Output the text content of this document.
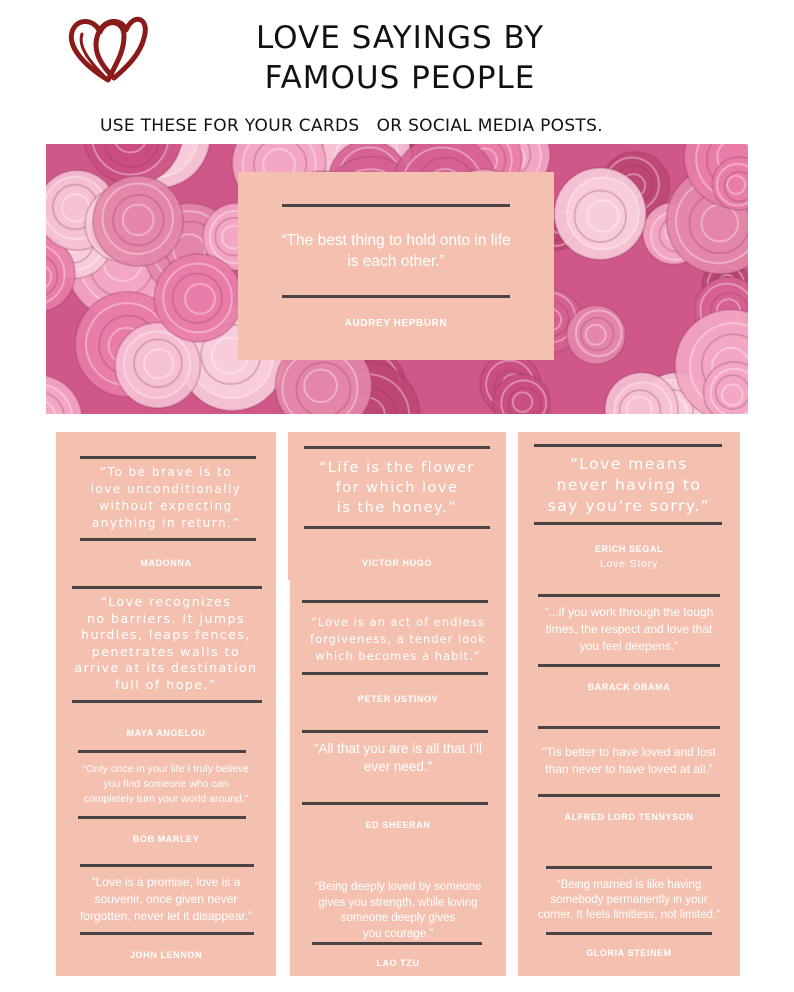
LOVE SAYINGS BY
FAMOUS PEOPLE
USE THESE FOR YOUR CARDS   OR SOCIAL MEDIA POSTS.
“The best thing to hold onto in life
is each other.”
AUDREY HEPBURN
“To be brave is to
love unconditionally
without expecting
anything in return.”
MADONNA
“Life is the flower
for which love
is the honey.”
VICTOR HUGO
“Love means
never having to
say you’re sorry.”
ERICH SEGAL
Love Story
“Love recognizes
no barriers. It jumps
hurdles, leaps fences,
penetrates walls to
arrive at its destination
full of hope.”
MAYA ANGELOU
“Only once in your life I truly believe
you find someone who can
completely turn your world around.”
BOB MARLEY
“Love is an act of endless
forgiveness, a tender look
which becomes a habit.”
PETER USTINOV
“...if you work through the tough
times, the respect and love that
you feel deepens.”
BARACK OBAMA
“All that you are is all that I’ll
ever need.”
ED SHEERAN
“Tis better to have loved and lost
than never to have loved at all.”
ALFRED LORD TENNYSON
“Love is a promise, love is a
souvenir, once given never
forgotten, never let it disappear.”
JOHN LENNON
“Being deeply loved by someone
gives you strength, while loving
someone deeply gives
you courage.”
LAO TZU
“Being married is like having
somebody permanently in your
corner. It feels limitless, not limited.”
GLORIA STEINEM
